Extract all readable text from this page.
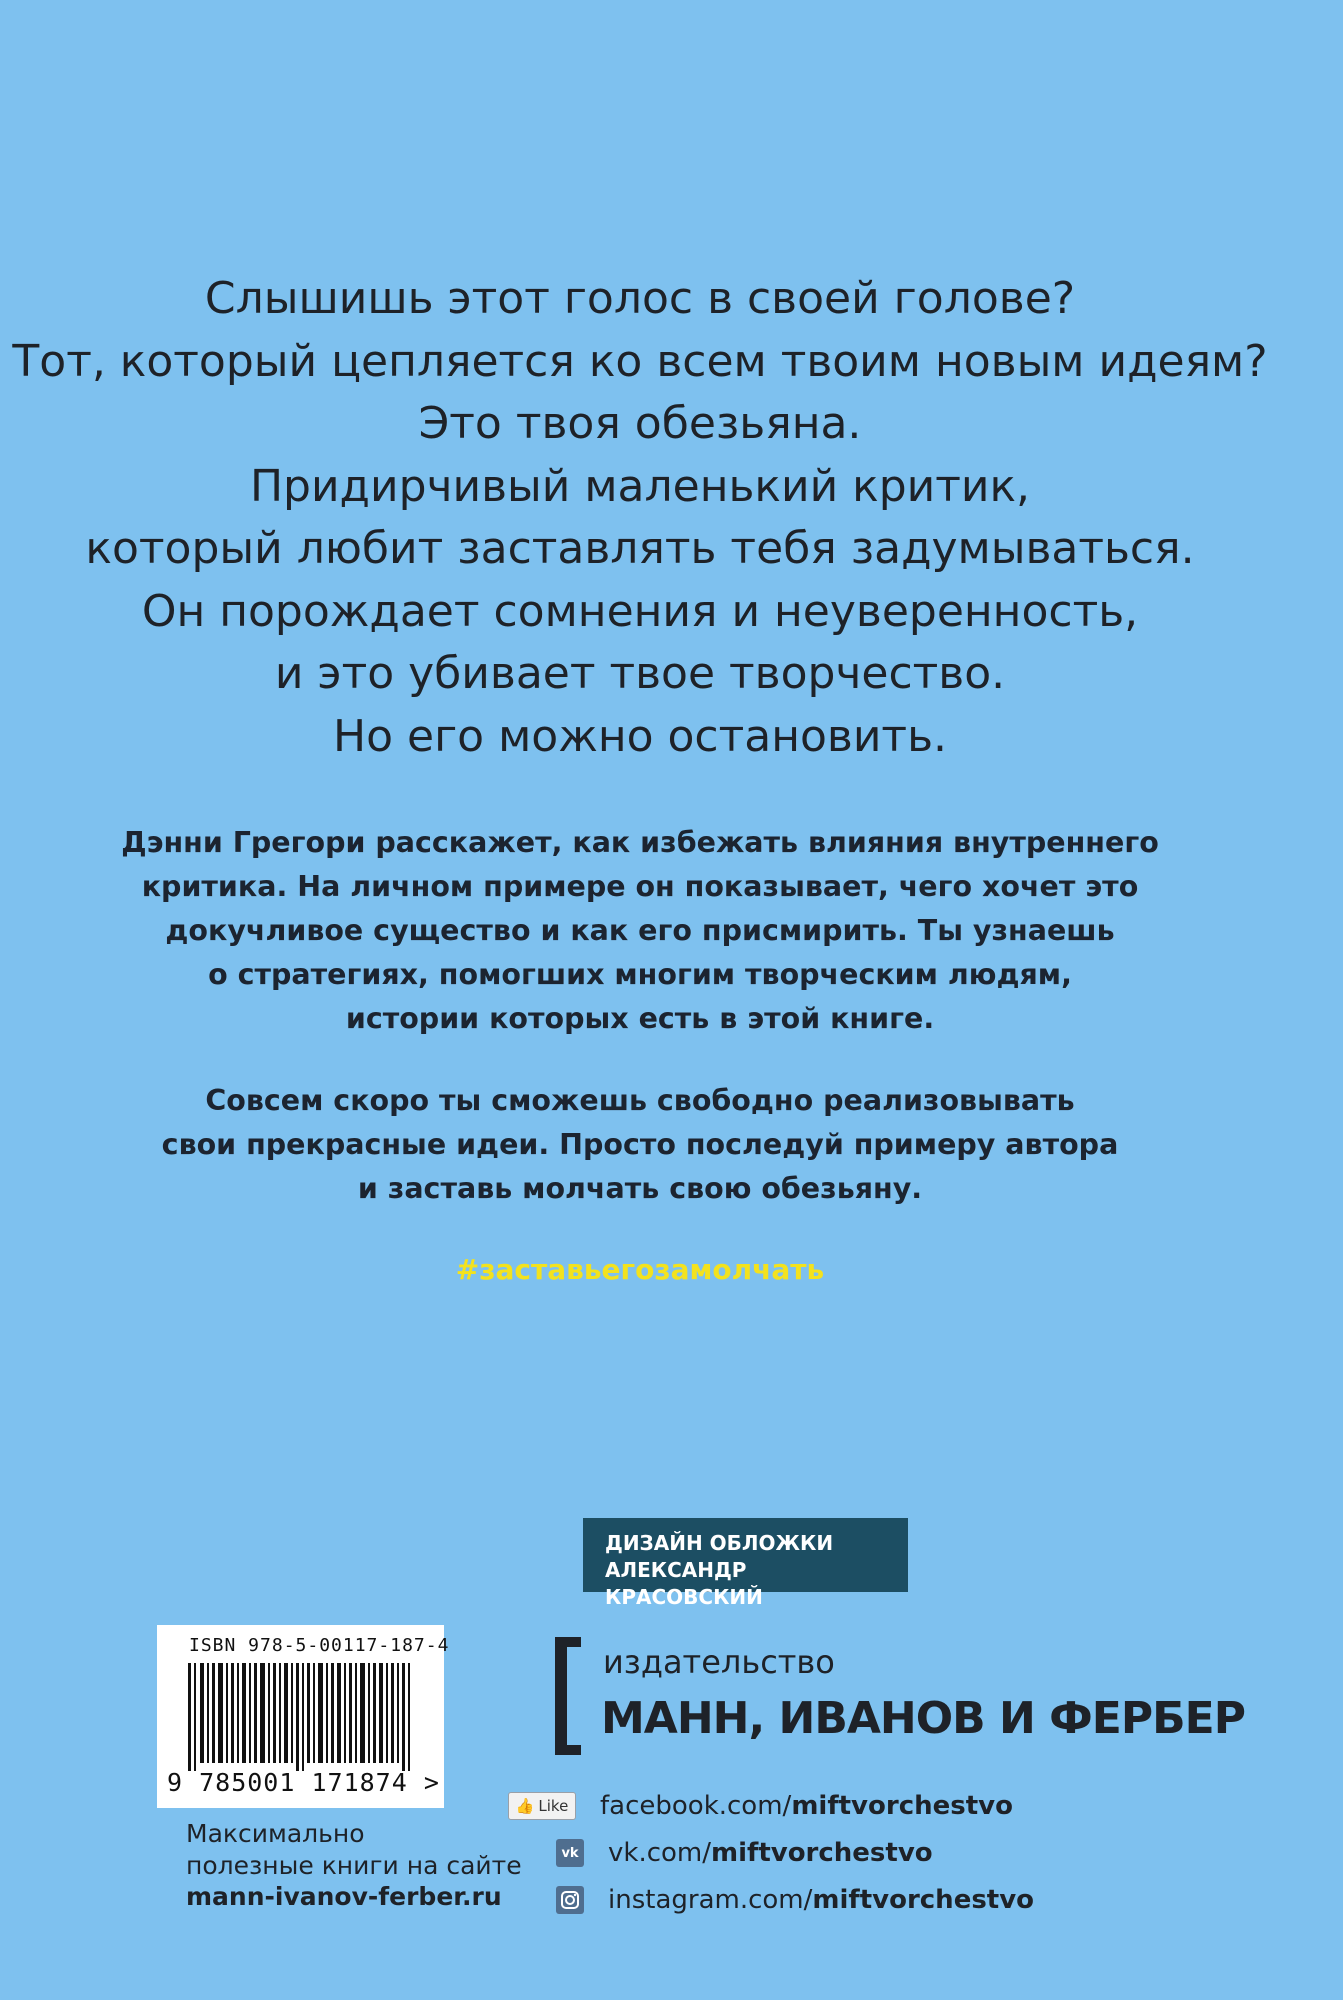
Слышишь этот голос в своей голове?
Тот, который цепляется ко всем твоим новым идеям?
Это твоя обезьяна.
Придирчивый маленький критик,
который любит заставлять тебя задумываться.
Он порождает сомнения и неуверенность,
и это убивает твое творчество.
Но его можно остановить.
Дэнни Грегори расскажет, как избежать влияния внутреннего
критика. На личном примере он показывает, чего хочет это
докучливое существо и как его присмирить. Ты узнаешь
о стратегиях, помогших многим творческим людям,
истории которых есть в этой книге.
Совсем скоро ты сможешь свободно реализовывать
свои прекрасные идеи. Просто последуй примеру автора
и заставь молчать свою обезьяну.
#заставьегозамолчать
ДИЗАЙН ОБЛОЖКИ
АЛЕКСАНДР КРАСОВСКИЙ
ISBN 978-5-00117-187-4
9 785001 171874 >
Максимально
полезные книги на сайте
mann-ivanov-ferber.ru
издательство
МАНН, ИВАНОВ И ФЕРБЕР
👍 Like facebook.com/ miftvorchestvo
vk vk.com/ miftvorchestvo
instagram.com/ miftvorchestvo
